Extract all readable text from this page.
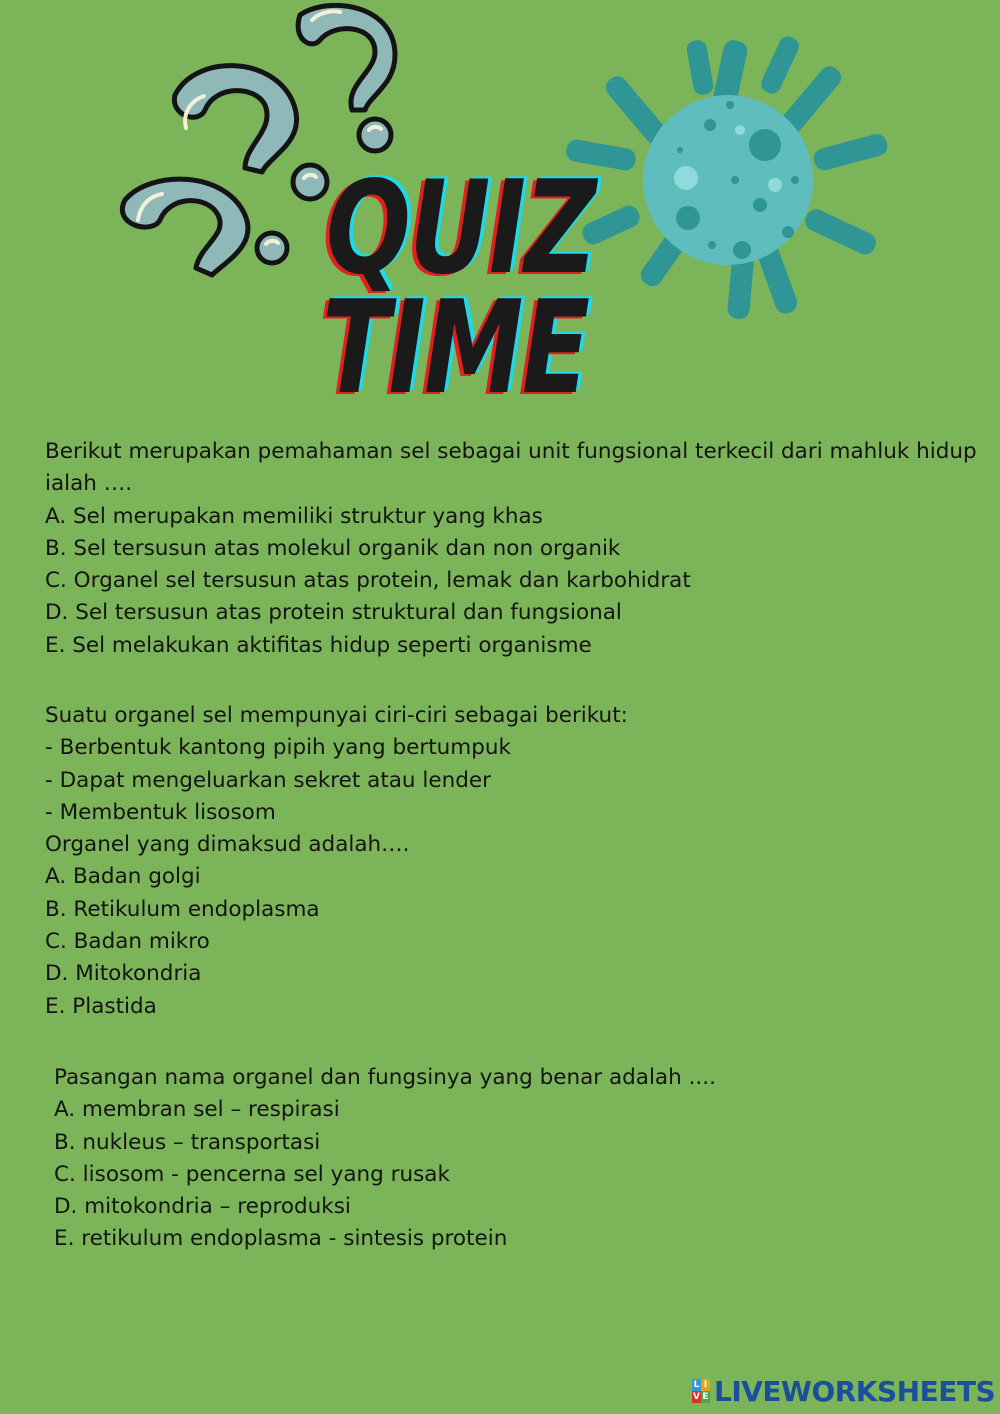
QUIZ
TIME

Berikut merupakan pemahaman sel sebagai unit fungsional terkecil dari mahluk hidup ialah ….

A. Sel merupakan memiliki struktur yang khas

B. Sel tersusun atas molekul organik dan non organik

C. Organel sel tersusun atas protein, lemak dan karbohidrat

D. Sel tersusun atas protein struktural dan fungsional

E. Sel melakukan aktifitas hidup seperti organisme

Suatu organel sel mempunyai ciri-ciri sebagai berikut:

- Berbentuk kantong pipih yang bertumpuk

- Dapat mengeluarkan sekret atau lender

- Membentuk lisosom

Organel yang dimaksud adalah….

A. Badan golgi

B. Retikulum endoplasma

C. Badan mikro

D. Mitokondria

E. Plastida

Pasangan nama organel dan fungsinya yang benar adalah ....

A. membran sel – respirasi

B. nukleus – transportasi

C. lisosom - pencerna sel yang rusak

D. mitokondria – reproduksi

E. retikulum endoplasma - sintesis protein

L I
V E LIVEWORKSHEETS
